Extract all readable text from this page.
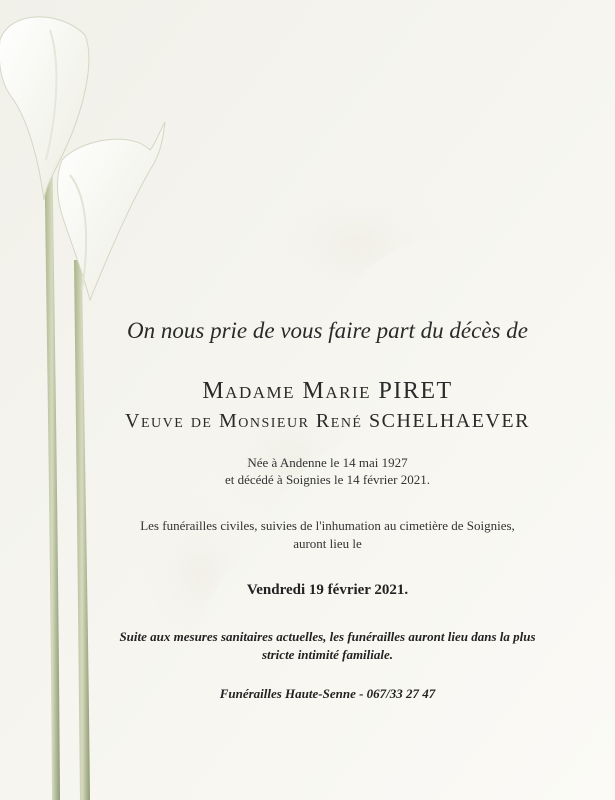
On nous prie de vous faire part du décès de
Madame Marie PIRET
Veuve de Monsieur René SCHELHAEVER
Née à Andenne le 14 mai 1927
et décédé à Soignies le 14 février 2021.
Les funérailles civiles, suivies de l'inhumation au cimetière de Soignies,
auront lieu le
Vendredi 19 février 2021.
Suite aux mesures sanitaires actuelles, les funérailles auront lieu dans la plus
stricte intimité familiale.
Funérailles Haute-Senne - 067/33 27 47
